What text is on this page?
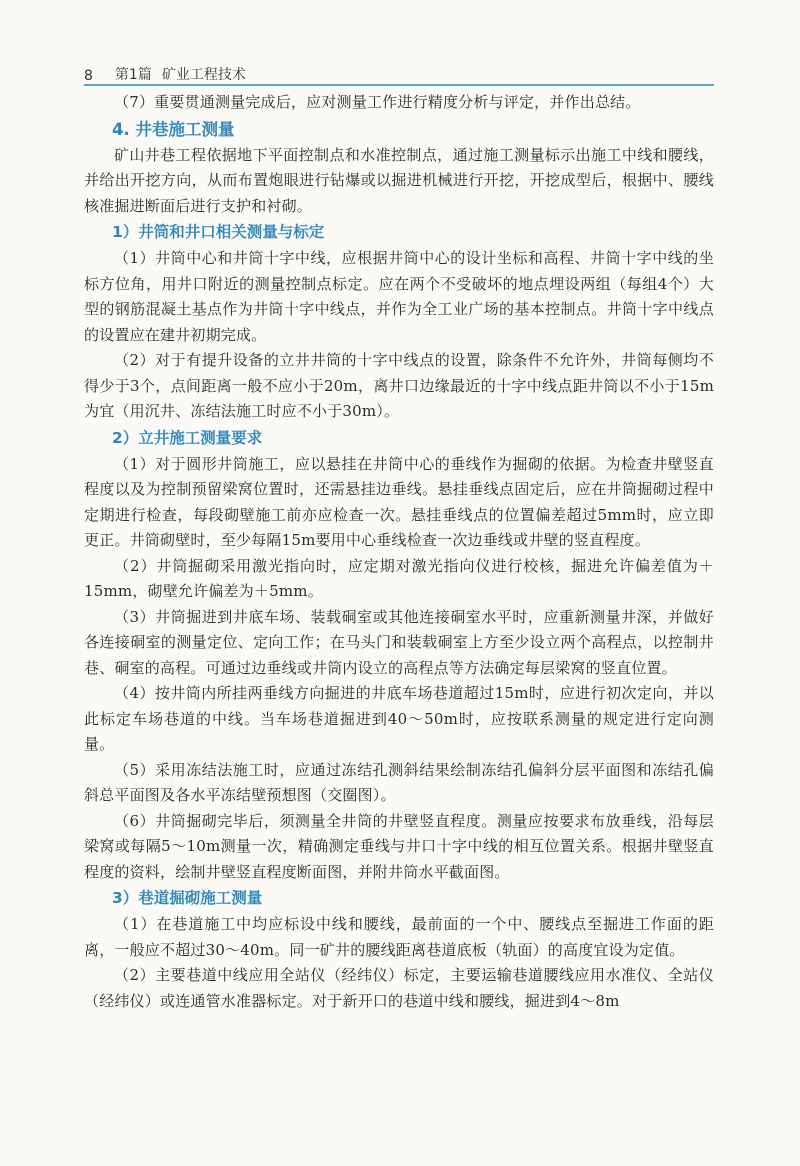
8 第1篇 矿业工程技术

（7）重要贯通测量完成后，应对测量工作进行精度分析与评定，并作出总结。

4. 井巷施工测量

矿山井巷工程依据地下平面控制点和水准控制点，通过施工测量标示出施工中线和腰线，并给出开挖方向，从而布置炮眼进行钻爆或以掘进机械进行开挖，开挖成型后，根据中、腰线核准掘进断面后进行支护和衬砌。

1）井筒和井口相关测量与标定

（1）井筒中心和井筒十字中线，应根据井筒中心的设计坐标和高程、井筒十字中线的坐标方位角，用井口附近的测量控制点标定。应在两个不受破坏的地点埋设两组（每组4个）大型的钢筋混凝土基点作为井筒十字中线点，并作为全工业广场的基本控制点。井筒十字中线点的设置应在建井初期完成。

（2）对于有提升设备的立井井筒的十字中线点的设置，除条件不允许外，井筒每侧均不得少于3个，点间距离一般不应小于20m，离井口边缘最近的十字中线点距井筒以不小于15m为宜（用沉井、冻结法施工时应不小于30m）。

2）立井施工测量要求

（1）对于圆形井筒施工，应以悬挂在井筒中心的垂线作为掘砌的依据。为检查井壁竖直程度以及为控制预留梁窝位置时，还需悬挂边垂线。悬挂垂线点固定后，应在井筒掘砌过程中定期进行检查，每段砌壁施工前亦应检查一次。悬挂垂线点的位置偏差超过5mm时，应立即更正。井筒砌壁时，至少每隔15m要用中心垂线检查一次边垂线或井壁的竖直程度。

（2）井筒掘砌采用激光指向时，应定期对激光指向仪进行校核，掘进允许偏差值为＋15mm，砌壁允许偏差为＋5mm。

（3）井筒掘进到井底车场、装载硐室或其他连接硐室水平时，应重新测量井深，并做好各连接硐室的测量定位、定向工作；在马头门和装载硐室上方至少设立两个高程点，以控制井巷、硐室的高程。可通过边垂线或井筒内设立的高程点等方法确定每层梁窝的竖直位置。

（4）按井筒内所挂两垂线方向掘进的井底车场巷道超过15m时，应进行初次定向，并以此标定车场巷道的中线。当车场巷道掘进到40～50m时，应按联系测量的规定进行定向测量。

（5）采用冻结法施工时，应通过冻结孔测斜结果绘制冻结孔偏斜分层平面图和冻结孔偏斜总平面图及各水平冻结壁预想图（交圈图）。

（6）井筒掘砌完毕后，须测量全井筒的井壁竖直程度。测量应按要求布放垂线，沿每层梁窝或每隔5～10m测量一次，精确测定垂线与井口十字中线的相互位置关系。根据井壁竖直程度的资料，绘制井壁竖直程度断面图，并附井筒水平截面图。

3）巷道掘砌施工测量

（1）在巷道施工中均应标设中线和腰线，最前面的一个中、腰线点至掘进工作面的距离，一般应不超过30～40m。同一矿井的腰线距离巷道底板（轨面）的高度宜设为定值。

（2）主要巷道中线应用全站仪（经纬仪）标定，主要运输巷道腰线应用水准仪、全站仪（经纬仪）或连通管水准器标定。对于新开口的巷道中线和腰线，掘进到4～8m
